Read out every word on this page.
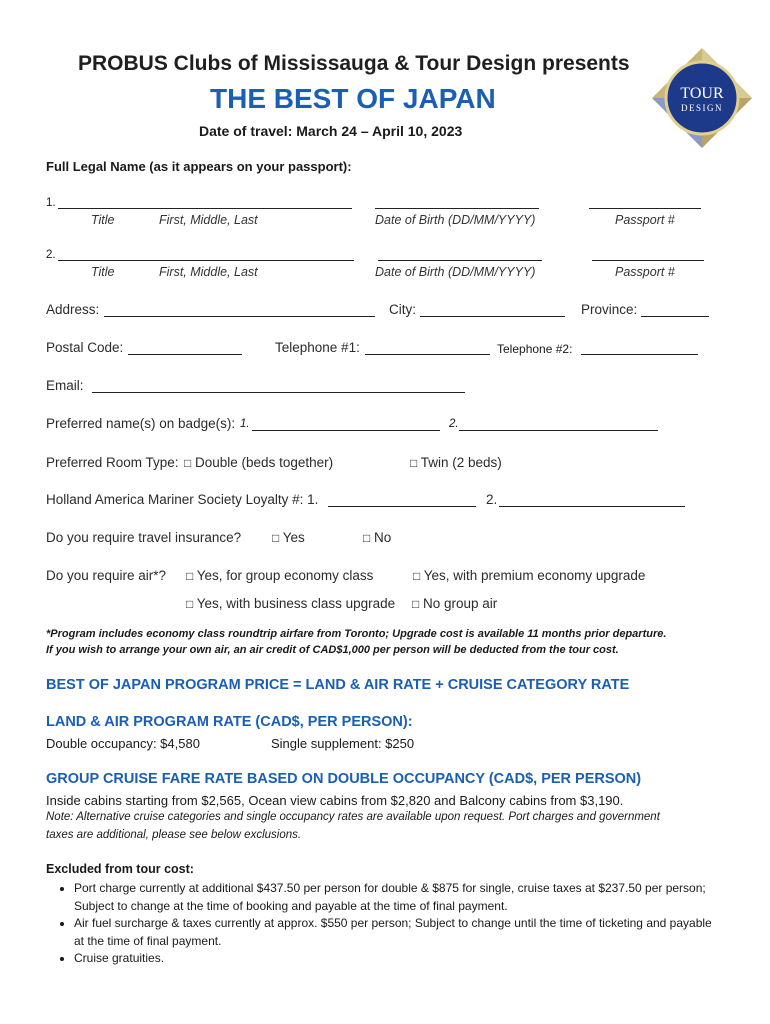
PROBUS Clubs of Mississauga & Tour Design presents
THE BEST OF JAPAN
Date of travel: March 24 – April 10, 2023
TOUR
DESIGN
Full Legal Name (as it appears on your passport):
1.
Title	First, Middle, Last	Date of Birth (DD/MM/YYYY)	Passport #
2.
Title	First, Middle, Last	Date of Birth (DD/MM/YYYY)	Passport #
Address:	City:	Province:
Postal Code:	Telephone #1:	Telephone #2:
Email:
Preferred name(s) on badge(s): 1.	2.
Preferred Room Type: □ Double (beds together)	□ Twin (2 beds)
Holland America Mariner Society Loyalty #: 1.	2.
Do you require travel insurance?	□ Yes	□ No
Do you require air*? □ Yes, for group economy class	□ Yes, with premium economy upgrade
□ Yes, with business class upgrade □ No group air
*Program includes economy class roundtrip airfare from Toronto; Upgrade cost is available 11 months prior departure.
If you wish to arrange your own air, an air credit of CAD$1,000 per person will be deducted from the tour cost.
BEST OF JAPAN PROGRAM PRICE = LAND & AIR RATE + CRUISE CATEGORY RATE
LAND & AIR PROGRAM RATE (CAD$, PER PERSON):
Double occupancy: $4,580	Single supplement: $250
GROUP CRUISE FARE RATE BASED ON DOUBLE OCCUPANCY (CAD$, PER PERSON)
Inside cabins starting from $2,565, Ocean view cabins from $2,820 and Balcony cabins from $3,190.
Note: Alternative cruise categories and single occupancy rates are available upon request. Port charges and government
taxes are additional, please see below exclusions.
Excluded from tour cost:
• Port charge currently at additional $437.50 per person for double & $875 for single, cruise taxes at $237.50 per person; Subject to change at the time of booking and payable at the time of final payment.
• Air fuel surcharge & taxes currently at approx. $550 per person; Subject to change until the time of ticketing and payable at the time of final payment.
• Cruise gratuities.
